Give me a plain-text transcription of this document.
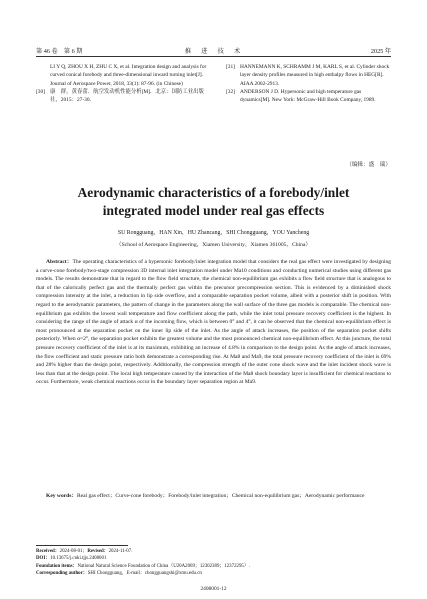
第 46 卷　第 6 期	推　进　技　术	2025 年
LI Y Q, ZHOU X H, ZHU C X, et al. Integration design and analysis for curved conical forebody and three-dimensional inward turning inlet[J]. Journal of Aerospace Power, 2018, 33(1): 87-96. (in Chinese)
[30] 康　群，黄春蕾．航空发动机性能分析[M]．北京：国防工业出版社，2015：27-30.
[31] HANNEMANN K, SCHRAMM J M, KARL S, et al. Cylinder shock layer density profiles measured in high enthalpy flows in HEG[R]. AIAA 2002-2913.
[32] ANDERSON J D. Hypersonic and high temperature gas dynamics[M]. New York: McGraw-Hill Book Company, 1989.
（编辑：盛　瑞）
Aerodynamic characteristics of a forebody/inlet
integrated model under real gas effects
SU Rongguang，HAN Xin，HU Zhancang，SHI Chongguang，YOU Yancheng
（School of Aerospace Engineering，Xiamen University，Xiamen 361005，China）

Abstract：The operating characteristics of a hypersonic forebody/inlet integration model that considers the real gas effect were investigated by designing a curve-cone forebody/two-stage compression 3D internal inlet integration model under Ma10 conditions and conducting numerical studies using different gas models. The results demonstrate that in regard to the flow field structure, the chemical non-equilibrium gas exhibits a flow field structure that is analogous to that of the calorically perfect gas and the thermally perfect gas within the precursor precompression section. This is evidenced by a diminished shock compression intensity at the inlet, a reduction in lip side overflow, and a comparable separation pocket volume, albeit with a posterior shift in position. With regard to the aerodynamic parameters, the pattern of change in the parameters along the wall surface of the three gas models is comparable. The chemical non-equilibrium gas exhibits the lowest wall temperature and flow coefficient along the path, while the inlet total pressure recovery coefficient is the highest. In considering the range of the angle of attack α of the incoming flow, which is between 0° and 4°, it can be observed that the chemical non-equilibrium effect is most pronounced at the separation pocket on the inner lip side of the inlet. As the angle of attack increases, the position of the separation pocket shifts posteriorly. When α=2°, the separation pocket exhibits the greatest volume and the most pronounced chemical non-equilibrium effect. At this juncture, the total pressure recovery coefficient of the inlet is at its maximum, exhibiting an increase of 4.8% in comparison to the design point. As the angle of attack increases, the flow coefficient and static pressure ratio both demonstrate a corresponding rise. At Ma8 and Ma9, the total pressure recovery coefficient of the inlet is 69% and 28% higher than the design point, respectively. Additionally, the compression strength of the outer cone shock wave and the inlet incident shock wave is less than that at the design point. The local high temperature caused by the interaction of the Ma8 shock boundary layer is insufficient for chemical reactions to occur. Furthermore, weak chemical reactions occur in the boundary layer separation region at Ma9.

Key words：Real gas effect；Curve-cone forebody；Forebody/inlet integration；Chemical non-equilibrium gas；Aerodynamic performance
Received：2024-08-01；Revised：2024-11-07.
DOI：10.13675/j.cnki.tjjs.2408001
Foundation items：National Natural Science Foundation of China（U20A2069；12302389；12372295）.
Corresponding author：SHI Chongguang，E-mail：chongguangshi@xmu.edu.cn
2408001-12
